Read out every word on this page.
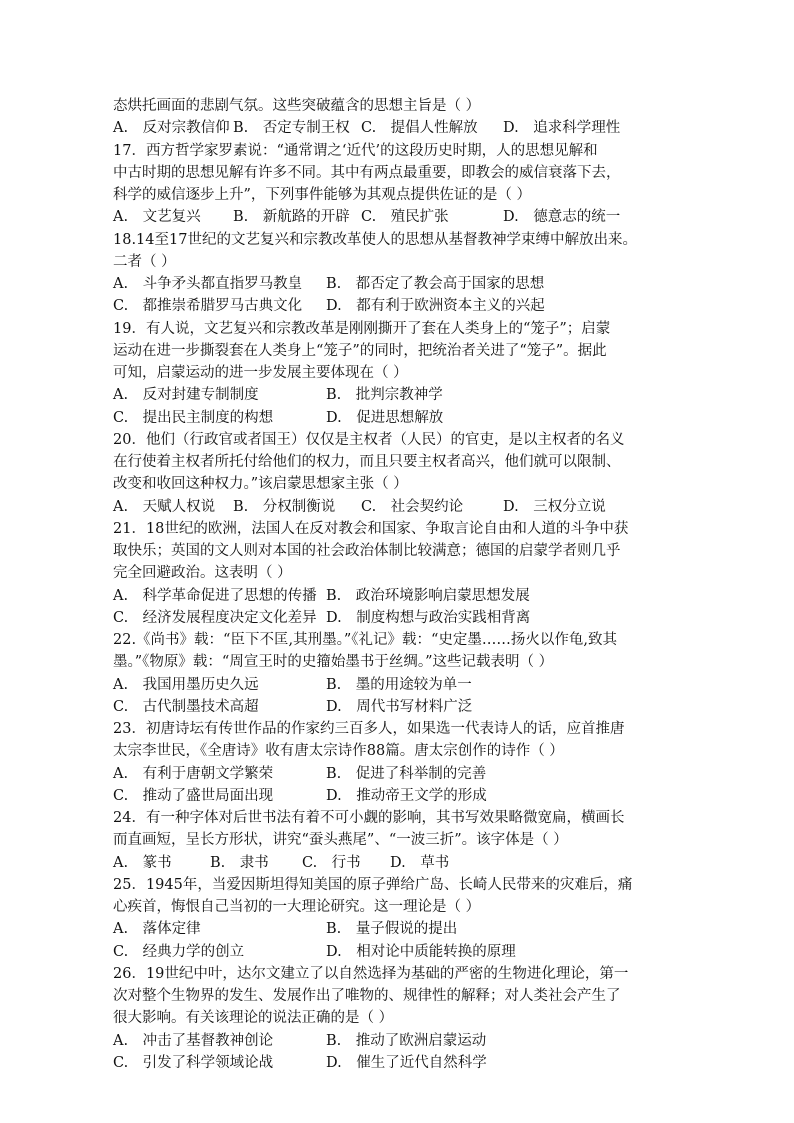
态烘托画面的悲剧气氛。这些突破蕴含的思想主旨是（ ）
A.　反对宗教信仰 B.　否定专制王权 C.　提倡人性解放	D.　追求科学理性
17．西方哲学家罗素说：“通常谓之‘近代’的这段历史时期，人的思想见解和
中古时期的思想见解有许多不同。其中有两点最重要，即教会的威信衰落下去，
科学的威信逐步上升”，下列事件能够为其观点提供佐证的是（ ）
A.　文艺复兴	B.　新航路的开辟 C.　殖民扩张	D.　德意志的统一
18.14至17世纪的文艺复兴和宗教改革使人的思想从基督教神学束缚中解放出来。
二者（ ）
A.　斗争矛头都直指罗马教皇	B.　都否定了教会高于国家的思想
C.　都推崇希腊罗马古典文化	D.　都有利于欧洲资本主义的兴起
19．有人说，文艺复兴和宗教改革是刚刚撕开了套在人类身上的“笼子”；启蒙
运动在进一步撕裂套在人类身上“笼子”的同时，把统治者关进了“笼子”。据此
可知，启蒙运动的进一步发展主要体现在（ ）
A.　反对封建专制制度	B.　批判宗教神学
C.　提出民主制度的构想	D.　促进思想解放
20．他们（行政官或者国王）仅仅是主权者（人民）的官吏，是以主权者的名义
在行使着主权者所托付给他们的权力，而且只要主权者高兴，他们就可以限制、
改变和收回这种权力。”该启蒙思想家主张（ ）
A.　天赋人权说	B.　分权制衡说	C.　社会契约论	D.　三权分立说
21．18世纪的欧洲，法国人在反对教会和国家、争取言论自由和人道的斗争中获
取快乐；英国的文人则对本国的社会政治体制比较满意；德国的启蒙学者则几乎
完全回避政治。这表明（ ）
A.　科学革命促进了思想的传播 B.　政治环境影响启蒙思想发展
C.　经济发展程度决定文化差异 D.　制度构想与政治实践相背离
22.《尚书》载：“臣下不匡,其刑墨。”《礼记》载：“史定墨……扬火以作龟,致其
墨。”《物原》载：“周宣王时的史籀始墨书于丝绸。”这些记载表明（ ）
A.　我国用墨历史久远	B.　墨的用途较为单一
C.　古代制墨技术高超	D.　周代书写材料广泛
23．初唐诗坛有传世作品的作家约三百多人，如果选一代表诗人的话，应首推唐
太宗李世民，《全唐诗》收有唐太宗诗作88篇。唐太宗创作的诗作（ ）
A.　有利于唐朝文学繁荣	B.　促进了科举制的完善
C.　推动了盛世局面出现	D.　推动帝王文学的形成
24．有一种字体对后世书法有着不可小觑的影响，其书写效果略微宽扁，横画长
而直画短，呈长方形状，讲究“蚕头燕尾”、“一波三折”。该字体是（ ）
A.　篆书	B.　隶书	C.　行书	D.　草书
25．1945年，当爱因斯坦得知美国的原子弹给广岛、长崎人民带来的灾难后，痛
心疾首，悔恨自己当初的一大理论研究。这一理论是（ ）
A.　落体定律	B.　量子假说的提出
C.　经典力学的创立	D.　相对论中质能转换的原理
26．19世纪中叶，达尔文建立了以自然选择为基础的严密的生物进化理论，第一
次对整个生物界的发生、发展作出了唯物的、规律性的解释；对人类社会产生了
很大影响。有关该理论的说法正确的是（ ）
A.　冲击了基督教神创论	B.　推动了欧洲启蒙运动
C.　引发了科学领域论战	D.　催生了近代自然科学
